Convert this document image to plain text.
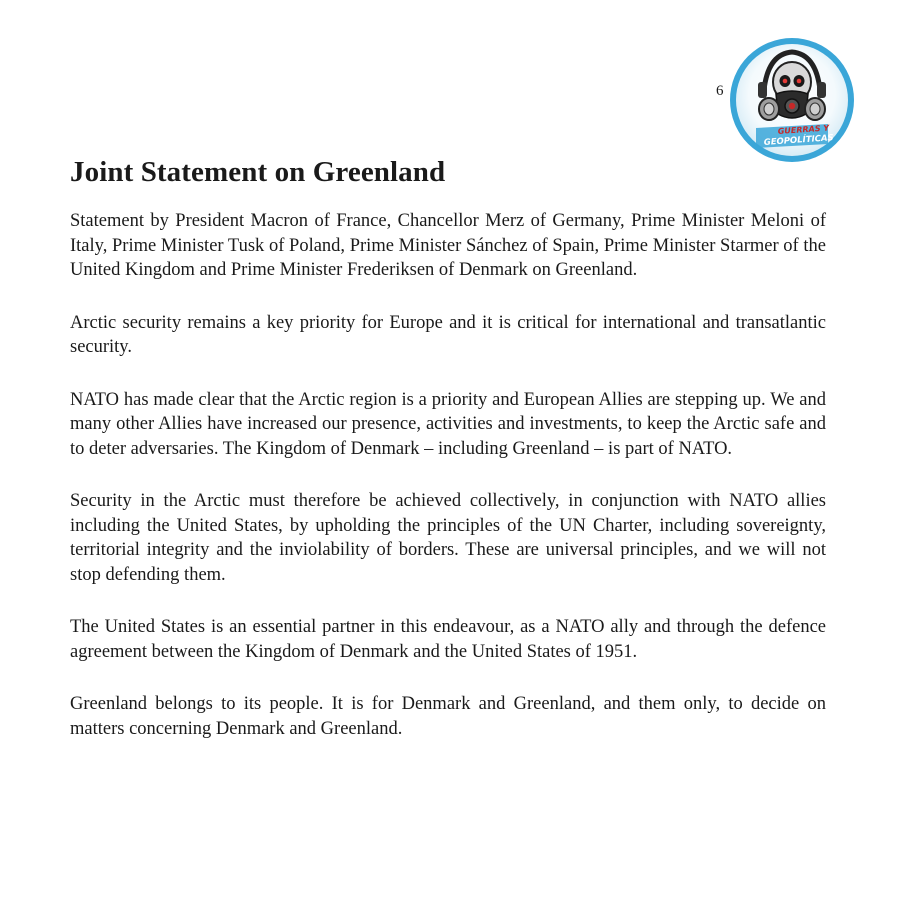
6
GUERRAS Y
GEOPOLÍTICAS
Joint Statement on Greenland

Statement by President Macron of France, Chancellor Merz of Germany, Prime Minister Meloni of Italy, Prime Minister Tusk of Poland, Prime Minister Sánchez of Spain, Prime Minister Starmer of the United Kingdom and Prime Minister Frederiksen of Denmark on Greenland.

Arctic security remains a key priority for Europe and it is critical for international and transatlantic security.

NATO has made clear that the Arctic region is a priority and European Allies are stepping up. We and many other Allies have increased our presence, activities and investments, to keep the Arctic safe and to deter adversaries. The Kingdom of Denmark – including Greenland – is part of NATO.

Security in the Arctic must therefore be achieved collectively, in conjunction with NATO allies including the United States, by upholding the principles of the UN Charter, including sovereignty, territorial integrity and the inviolability of borders. These are universal principles, and we will not stop defending them.

The United States is an essential partner in this endeavour, as a NATO ally and through the defence agreement between the Kingdom of Denmark and the United States of 1951.

Greenland belongs to its people. It is for Denmark and Greenland, and them only, to decide on matters concerning Denmark and Greenland.
